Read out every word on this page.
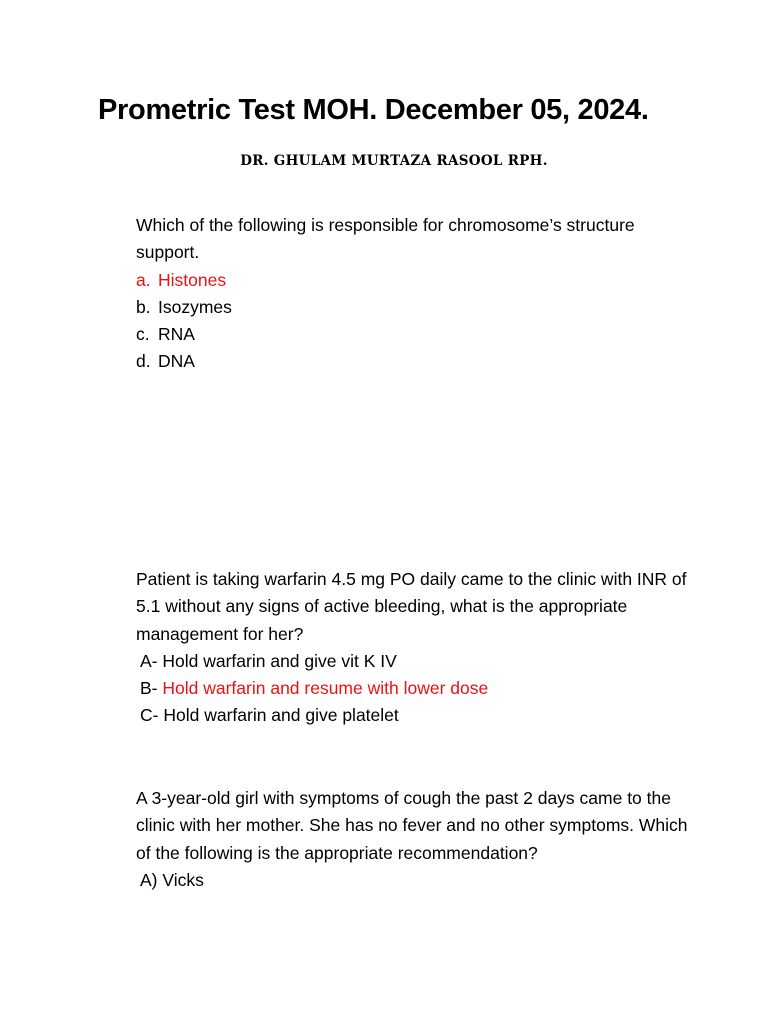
Prometric Test MOH. December 05, 2024.
DR. GHULAM MURTAZA RASOOL RPH.

Which of the following is responsible for chromosome’s structure support.

a. Histones
b. Isozymes
c. RNA
d. DNA

Patient is taking warfarin 4.5 mg PO daily came to the clinic with INR of 5.1 without any signs of active bleeding, what is the appropriate management for her?

A- Hold warfarin and give vit K IV
B- Hold warfarin and resume with lower dose
C- Hold warfarin and give platelet

A 3-year-old girl with symptoms of cough the past 2 days came to the clinic with her mother. She has no fever and no other symptoms. Which of the following is the appropriate recommendation?

A) Vicks
